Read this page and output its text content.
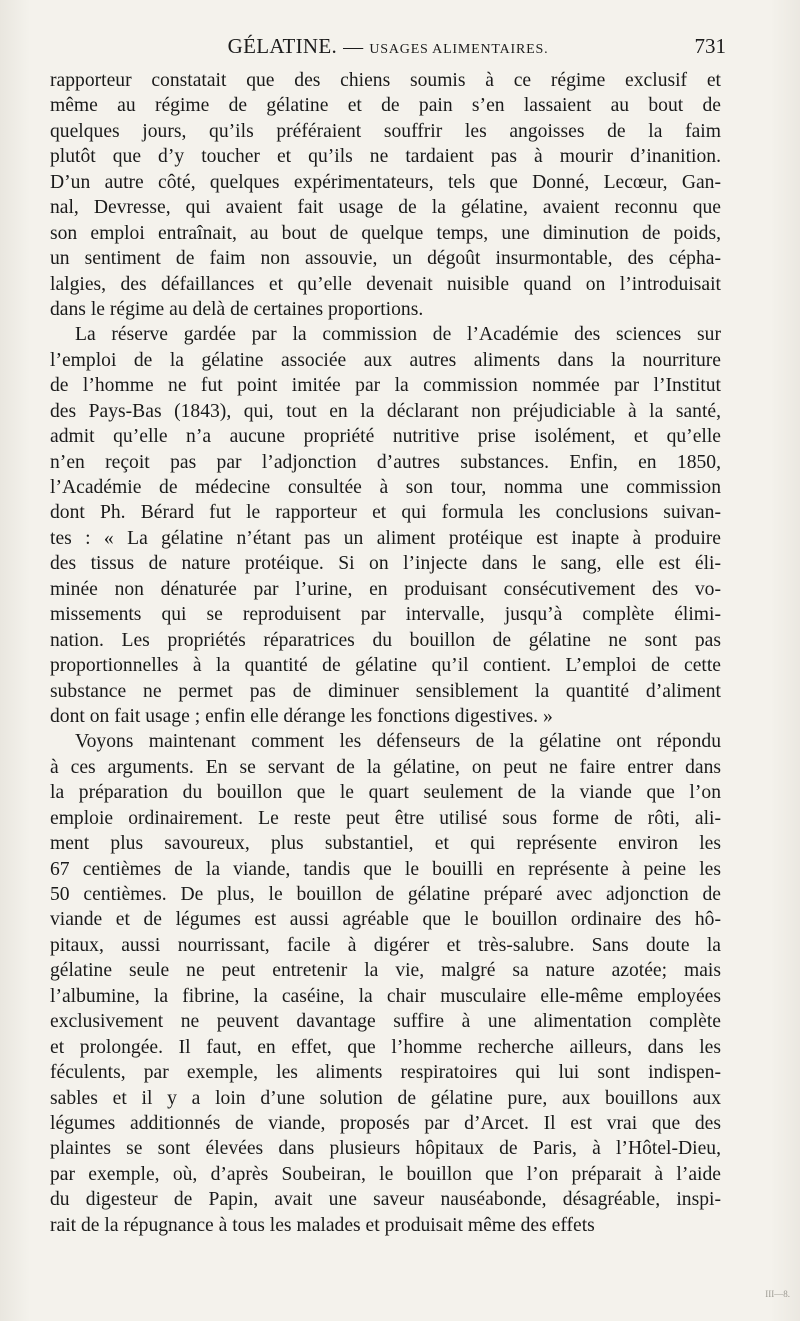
GÉLATINE. — USAGES ALIMENTAIRES.	731
rapporteur constatait que des chiens soumis à ce régime exclusif et
même au régime de gélatine et de pain s’en lassaient au bout de
quelques jours, qu’ils préféraient souffrir les angoisses de la faim
plutôt que d’y toucher et qu’ils ne tardaient pas à mourir d’inanition.
D’un autre côté, quelques expérimentateurs, tels que Donné, Lecœur, Gan-
nal, Devresse, qui avaient fait usage de la gélatine, avaient reconnu que
son emploi entraînait, au bout de quelque temps, une diminution de poids,
un sentiment de faim non assouvie, un dégoût insurmontable, des cépha-
lalgies, des défaillances et qu’elle devenait nuisible quand on l’introduisait
dans le régime au delà de certaines proportions.
La réserve gardée par la commission de l’Académie des sciences sur
l’emploi de la gélatine associée aux autres aliments dans la nourriture
de l’homme ne fut point imitée par la commission nommée par l’Institut
des Pays-Bas (1843), qui, tout en la déclarant non préjudiciable à la santé,
admit qu’elle n’a aucune propriété nutritive prise isolément, et qu’elle
n’en reçoit pas par l’adjonction d’autres substances. Enfin, en 1850,
l’Académie de médecine consultée à son tour, nomma une commission
dont Ph. Bérard fut le rapporteur et qui formula les conclusions suivan-
tes : « La gélatine n’étant pas un aliment protéique est inapte à produire
des tissus de nature protéique. Si on l’injecte dans le sang, elle est éli-
minée non dénaturée par l’urine, en produisant consécutivement des vo-
missements qui se reproduisent par intervalle, jusqu’à complète élimi-
nation. Les propriétés réparatrices du bouillon de gélatine ne sont pas
proportionnelles à la quantité de gélatine qu’il contient. L’emploi de cette
substance ne permet pas de diminuer sensiblement la quantité d’aliment
dont on fait usage ; enfin elle dérange les fonctions digestives. »
Voyons maintenant comment les défenseurs de la gélatine ont répondu
à ces arguments. En se servant de la gélatine, on peut ne faire entrer dans
la préparation du bouillon que le quart seulement de la viande que l’on
emploie ordinairement. Le reste peut être utilisé sous forme de rôti, ali-
ment plus savoureux, plus substantiel, et qui représente environ les
67 centièmes de la viande, tandis que le bouilli en représente à peine les
50 centièmes. De plus, le bouillon de gélatine préparé avec adjonction de
viande et de légumes est aussi agréable que le bouillon ordinaire des hô-
pitaux, aussi nourrissant, facile à digérer et très-salubre. Sans doute la
gélatine seule ne peut entretenir la vie, malgré sa nature azotée; mais
l’albumine, la fibrine, la caséine, la chair musculaire elle-même employées
exclusivement ne peuvent davantage suffire à une alimentation complète
et prolongée. Il faut, en effet, que l’homme recherche ailleurs, dans les
féculents, par exemple, les aliments respiratoires qui lui sont indispen-
sables et il y a loin d’une solution de gélatine pure, aux bouillons aux
légumes additionnés de viande, proposés par d’Arcet. Il est vrai que des
plaintes se sont élevées dans plusieurs hôpitaux de Paris, à l’Hôtel-Dieu,
par exemple, où, d’après Soubeiran, le bouillon que l’on préparait à l’aide
du digesteur de Papin, avait une saveur nauséabonde, désagréable, inspi-
rait de la répugnance à tous les malades et produisait même des effets
III—8.
